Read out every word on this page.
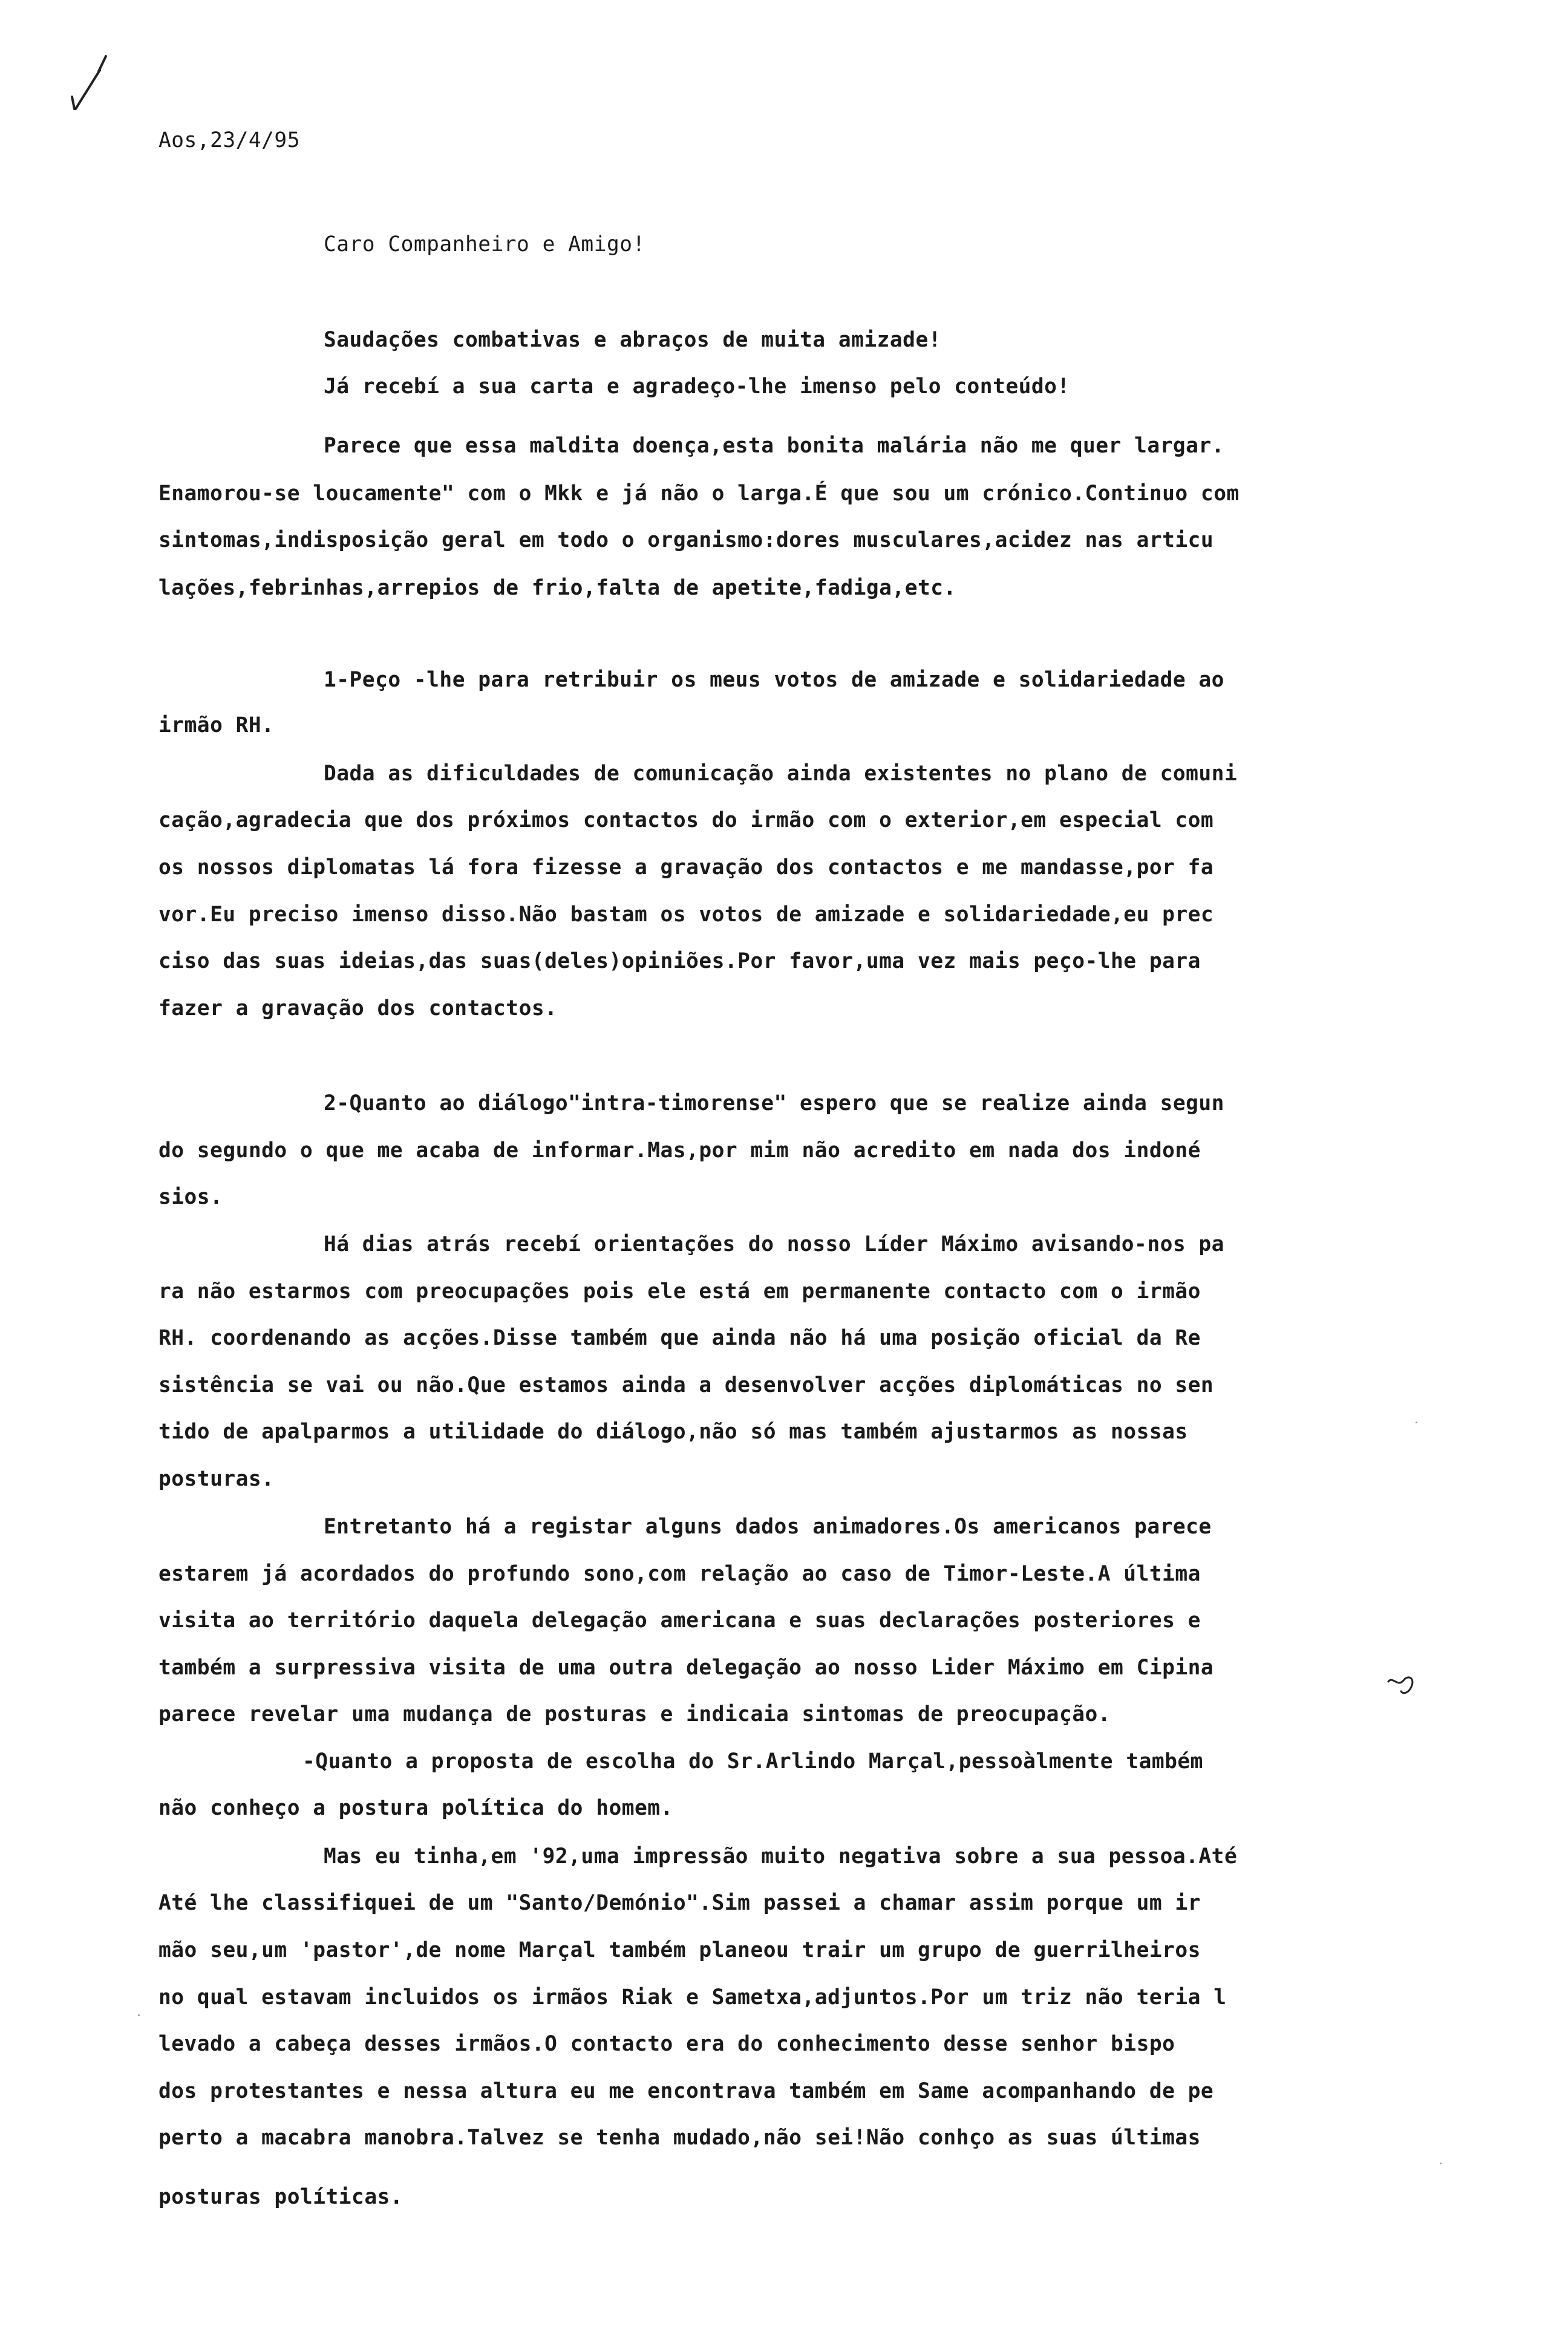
Aos,23/4/95
Caro Companheiro e Amigo!
Saudações combativas e abraços de muita amizade!
Já recebí a sua carta e agradeço-lhe imenso pelo conteúdo!
Parece que essa maldita doença,esta bonita malária não me quer largar.
Enamorou-se loucamente" com o Mkk e já não o larga.É que sou um crónico.Continuo com
sintomas,indisposição geral em todo o organismo:dores musculares,acidez nas articu
lações,febrinhas,arrepios de frio,falta de apetite,fadiga,etc.
1-Peço -lhe para retribuir os meus votos de amizade e solidariedade ao
irmão RH.
Dada as dificuldades de comunicação ainda existentes no plano de comuni
cação,agradecia que dos próximos contactos do irmão com o exterior,em especial com
os nossos diplomatas lá fora fizesse a gravação dos contactos e me mandasse,por fa
vor.Eu preciso imenso disso.Não bastam os votos de amizade e solidariedade,eu prec
ciso das suas ideias,das suas(deles)opiniões.Por favor,uma vez mais peço-lhe para
fazer a gravação dos contactos.
2-Quanto ao diálogo"intra-timorense" espero que se realize ainda segun
do segundo o que me acaba de informar.Mas,por mim não acredito em nada dos indoné
sios.
Há dias atrás recebí orientações do nosso Líder Máximo avisando-nos pa
ra não estarmos com preocupações pois ele está em permanente contacto com o irmão
RH. coordenando as acções.Disse também que ainda não há uma posição oficial da Re
sistência se vai ou não.Que estamos ainda a desenvolver acções diplomáticas no sen
tido de apalparmos a utilidade do diálogo,não só mas também ajustarmos as nossas
posturas.
Entretanto há a registar alguns dados animadores.Os americanos parece
estarem já acordados do profundo sono,com relação ao caso de Timor-Leste.A última
visita ao território daquela delegação americana e suas declarações posteriores e
também a surpressiva visita de uma outra delegação ao nosso Lider Máximo em Cipina
parece revelar uma mudança de posturas e indicaia sintomas de preocupação.
-Quanto a proposta de escolha do Sr.Arlindo Marçal,pessoàlmente também
não conheço a postura política do homem.
Mas eu tinha,em '92,uma impressão muito negativa sobre a sua pessoa.Até
Até lhe classifiquei de um "Santo/Demónio".Sim passei a chamar assim porque um ir
mão seu,um 'pastor',de nome Marçal também planeou trair um grupo de guerrilheiros
no qual estavam incluidos os irmãos Riak e Sametxa,adjuntos.Por um triz não teria l
levado a cabeça desses irmãos.O contacto era do conhecimento desse senhor bispo
dos protestantes e nessa altura eu me encontrava também em Same acompanhando de pe
perto a macabra manobra.Talvez se tenha mudado,não sei!Não conhço as suas últimas
posturas políticas.
